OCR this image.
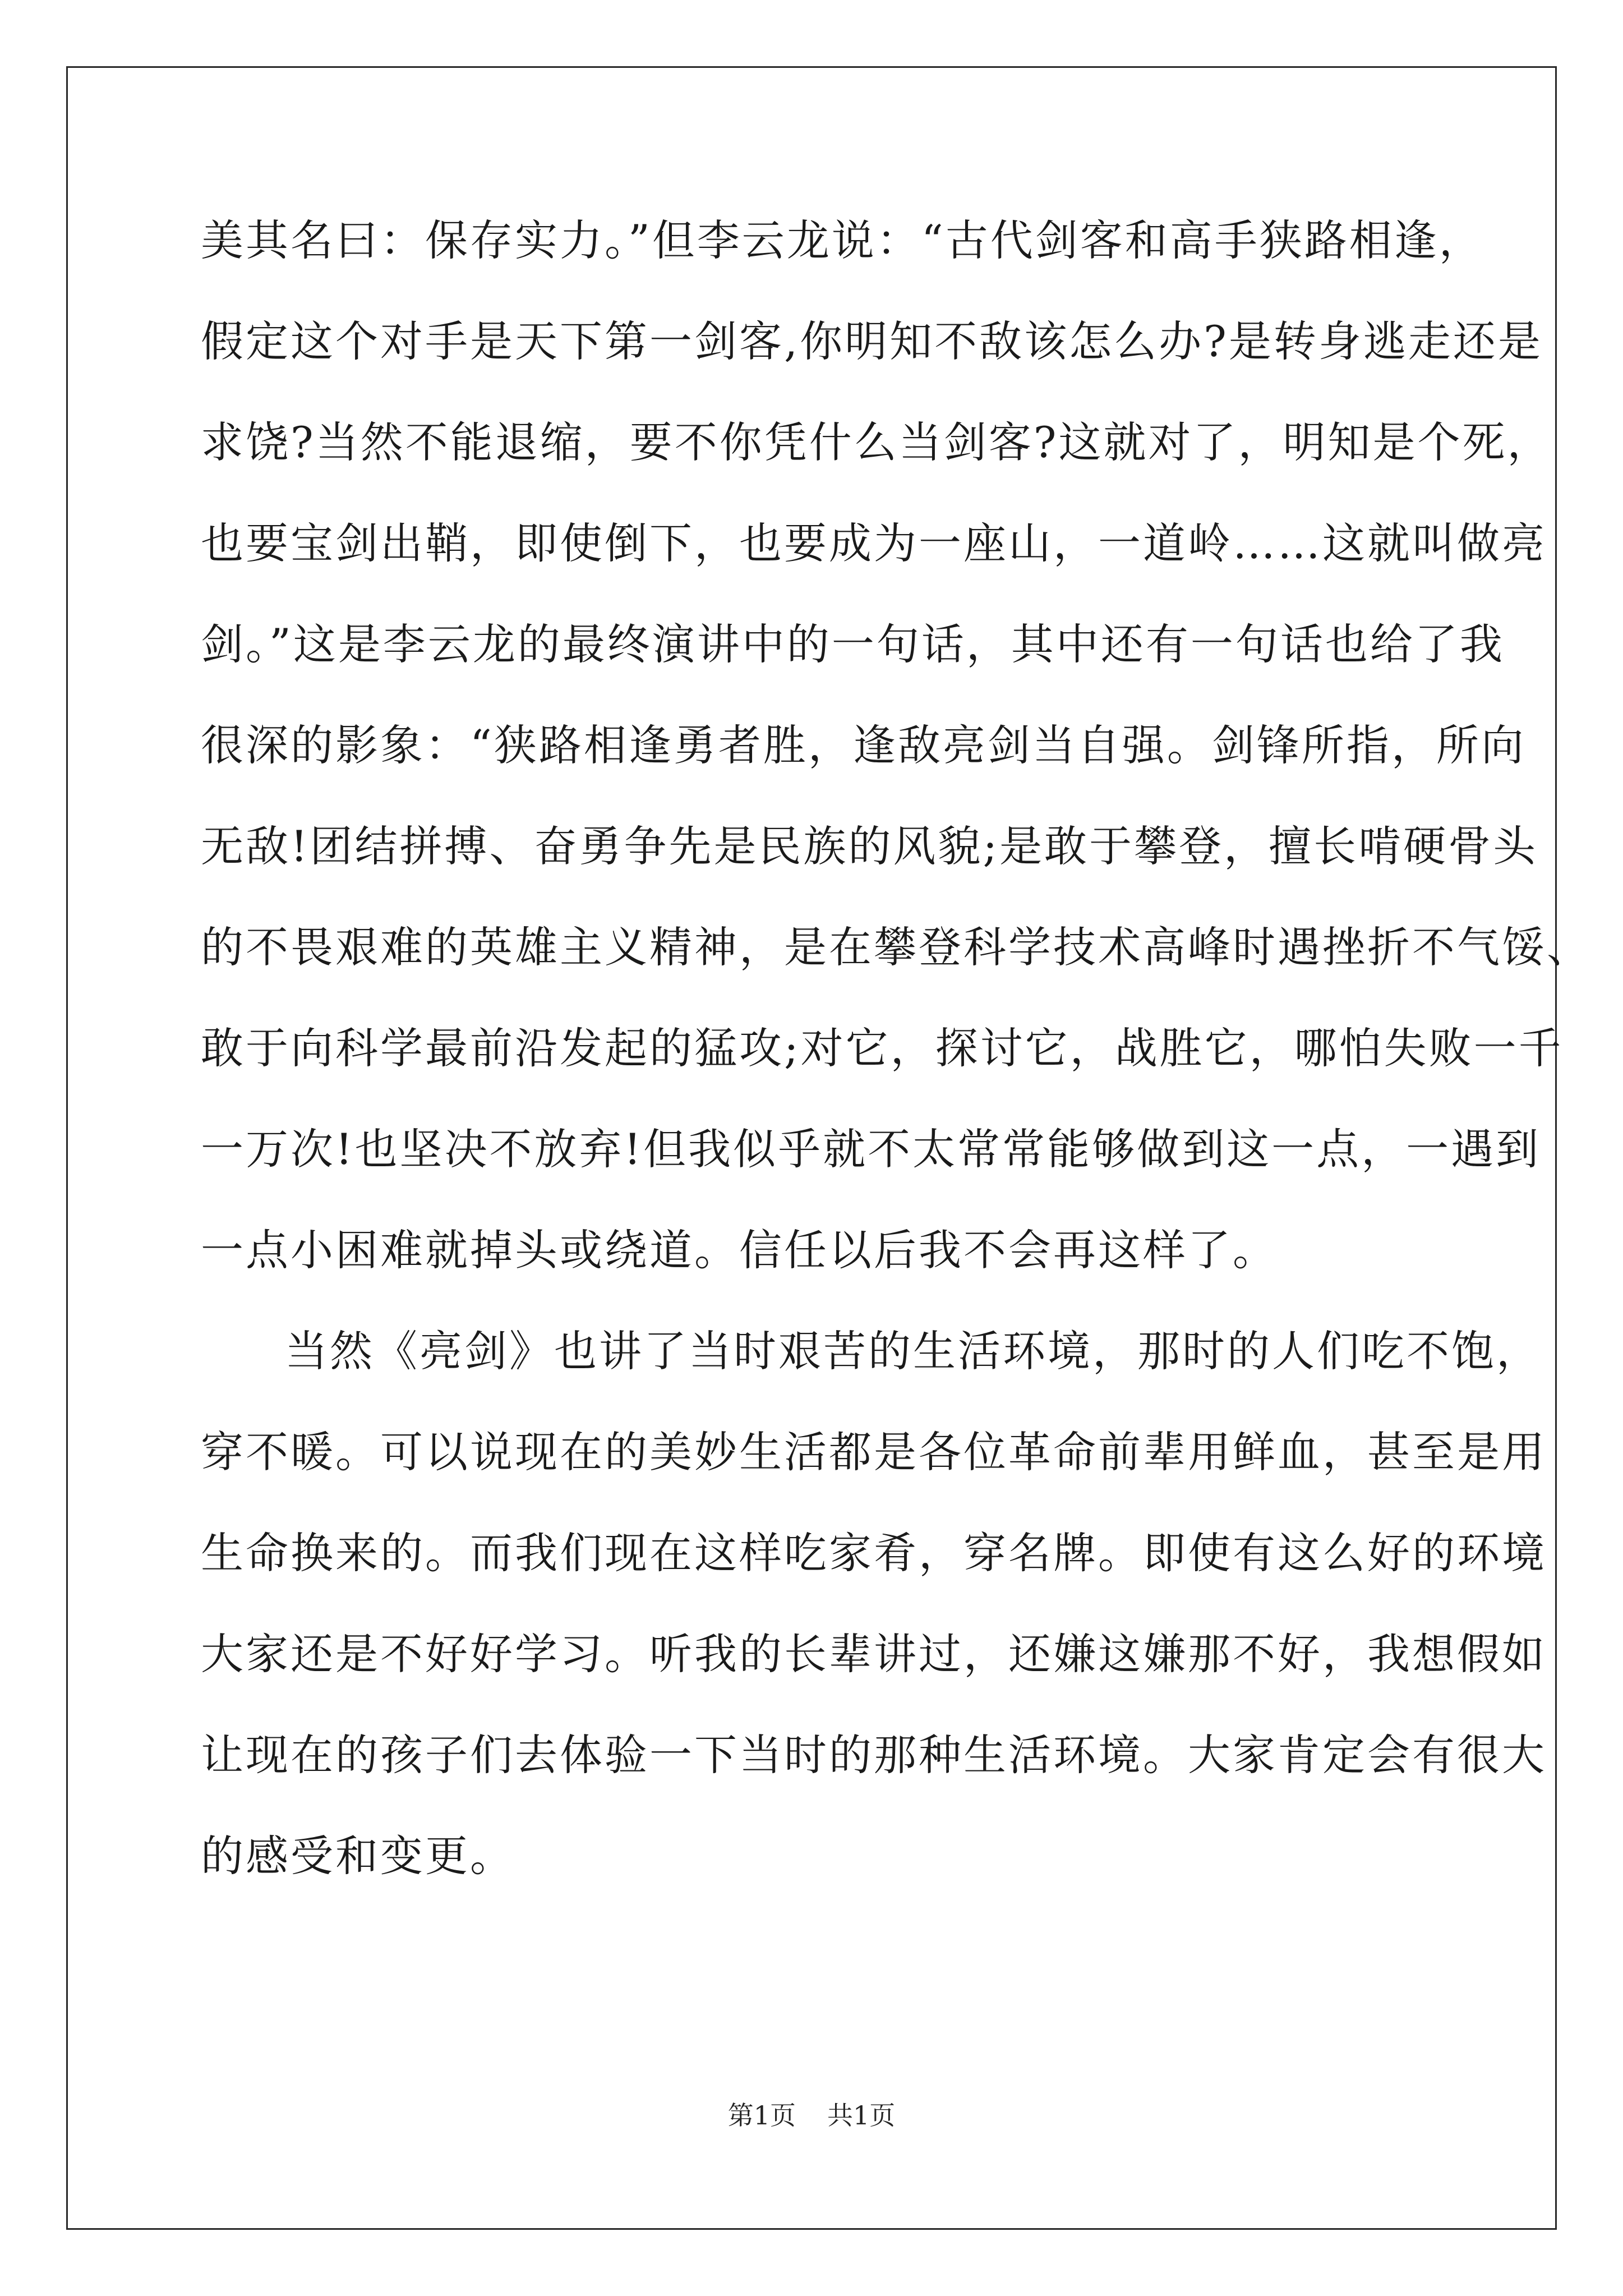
美其名曰：保存实力。”但李云龙说：“古代剑客和高手狭路相逢，
假定这个对手是天下第一剑客,你明知不敌该怎么办?是转身逃走还是
求饶?当然不能退缩，要不你凭什么当剑客?这就对了，明知是个死，
也要宝剑出鞘，即使倒下，也要成为一座山，一道岭……这就叫做亮
剑。”这是李云龙的最终演讲中的一句话，其中还有一句话也给了我
很深的影象：“狭路相逢勇者胜，逢敌亮剑当自强。剑锋所指，所向
无敌!团结拼搏、奋勇争先是民族的风貌;是敢于攀登，擅长啃硬骨头
的不畏艰难的英雄主义精神，是在攀登科学技术高峰时遇挫折不气馁、
敢于向科学最前沿发起的猛攻;对它，探讨它，战胜它，哪怕失败一千
一万次!也坚决不放弃!但我似乎就不太常常能够做到这一点，一遇到
一点小困难就掉头或绕道。信任以后我不会再这样了。
当然《亮剑》也讲了当时艰苦的生活环境，那时的人们吃不饱，
穿不暖。可以说现在的美妙生活都是各位革命前辈用鲜血，甚至是用
生命换来的。而我们现在这样吃家肴，穿名牌。即使有这么好的环境
大家还是不好好学习。听我的长辈讲过，还嫌这嫌那不好，我想假如
让现在的孩子们去体验一下当时的那种生活环境。大家肯定会有很大
的感受和变更。
第1页 共1页
